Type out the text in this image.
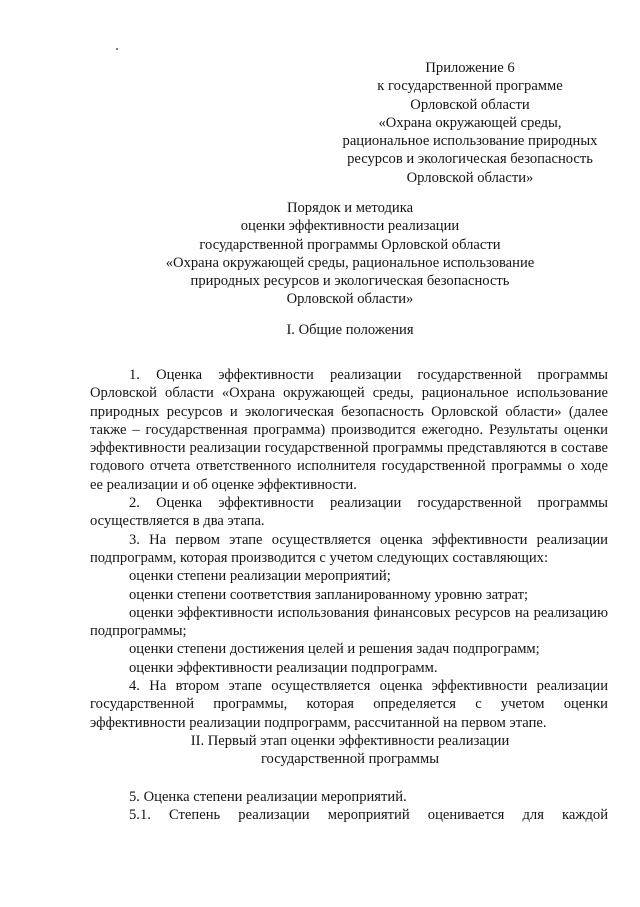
Приложение 6
к государственной программе
Орловской области
«Охрана окружающей среды,
рациональное использование природных
ресурсов и экологическая безопасность
Орловской области»
Порядок и методика
оценки эффективности реализации
государственной программы Орловской области
«Охрана окружающей среды, рациональное использование
природных ресурсов и экологическая безопасность
Орловской области»
I. Общие положения

1. Оценка эффективности реализации государственной программы Орловской области «Охрана окружающей среды, рациональное использование природных ресурсов и экологическая безопасность Орловской области» (далее также – государственная программа) производится ежегодно. Результаты оценки эффективности реализации государственной программы представляются в составе годового отчета ответственного исполнителя государственной программы о ходе ее реализации и об оценке эффективности.

2. Оценка эффективности реализации государственной программы осуществляется в два этапа.

3. На первом этапе осуществляется оценка эффективности реализации подпрограмм, которая производится с учетом следующих составляющих:

оценки степени реализации мероприятий;

оценки степени соответствия запланированному уровню затрат;

оценки эффективности использования финансовых ресурсов на реализацию подпрограммы;

оценки степени достижения целей и решения задач подпрограмм;

оценки эффективности реализации подпрограмм.

4. На втором этапе осуществляется оценка эффективности реализации государственной программы, которая определяется с учетом оценки эффективности реализации подпрограмм, рассчитанной на первом этапе.

II. Первый этап оценки эффективности реализации
государственной программы

5. Оценка степени реализации мероприятий.

5.1. Степень реализации мероприятий оценивается для каждой
